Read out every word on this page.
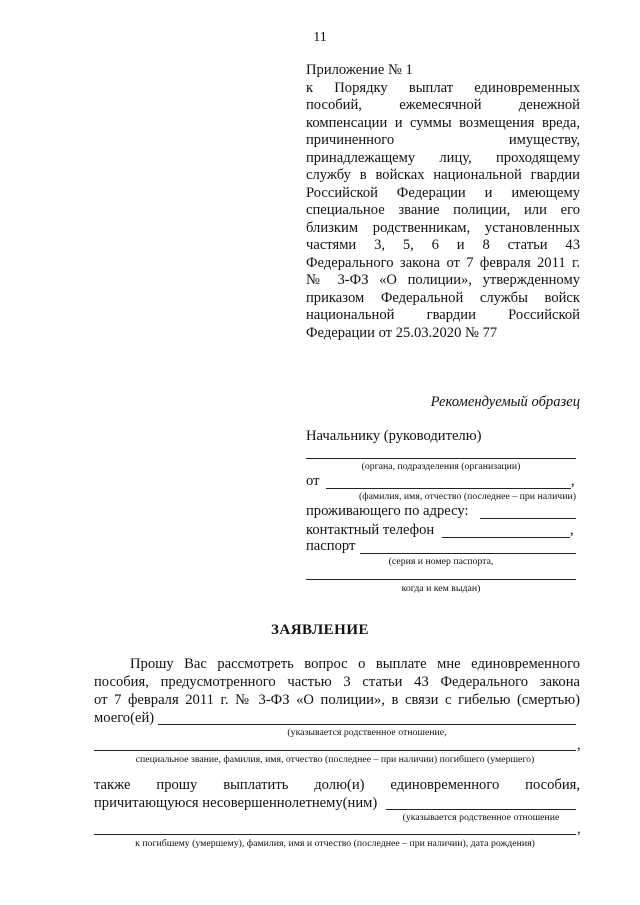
11
Приложение № 1
к Порядку выплат единовременных
пособий, ежемесячной денежной
компенсации и суммы возмещения вреда,
причиненного имуществу,
принадлежащему лицу, проходящему
службу в войсках национальной гвардии
Российской Федерации и имеющему
специальное звание полиции, или его
близким родственникам, установленных
частями 3, 5, 6 и 8 статьи 43
Федерального закона от 7 февраля 2011 г.
№ 3-ФЗ «О полиции», утвержденному
приказом Федеральной службы войск
национальной гвардии Российской
Федерации от 25.03.2020 № 77
Рекомендуемый образец
Начальнику (руководителю)
(органа, подразделения (организации)
от	,
(фамилия, имя, отчество (последнее – при наличии)
проживающего по адресу:
контактный телефон	,
паспорт
(серия и номер паспорта,
когда и кем выдан)
ЗАЯВЛЕНИЕ
Прошу Вас рассмотреть вопрос о выплате мне единовременного
пособия, предусмотренного частью 3 статьи 43 Федерального закона
от 7 февраля 2011 г. № 3-ФЗ «О полиции», в связи с гибелью (смертью)
моего(ей)
(указывается родственное отношение,
,
специальное звание, фамилия, имя, отчество (последнее – при наличии) погибшего (умершего)
также прошу выплатить долю(и) единовременного пособия,
причитающуюся несовершеннолетнему(ним)
(указывается родственное отношение
,
к погибшему (умершему), фамилия, имя и отчество (последнее – при наличии), дата рождения)
